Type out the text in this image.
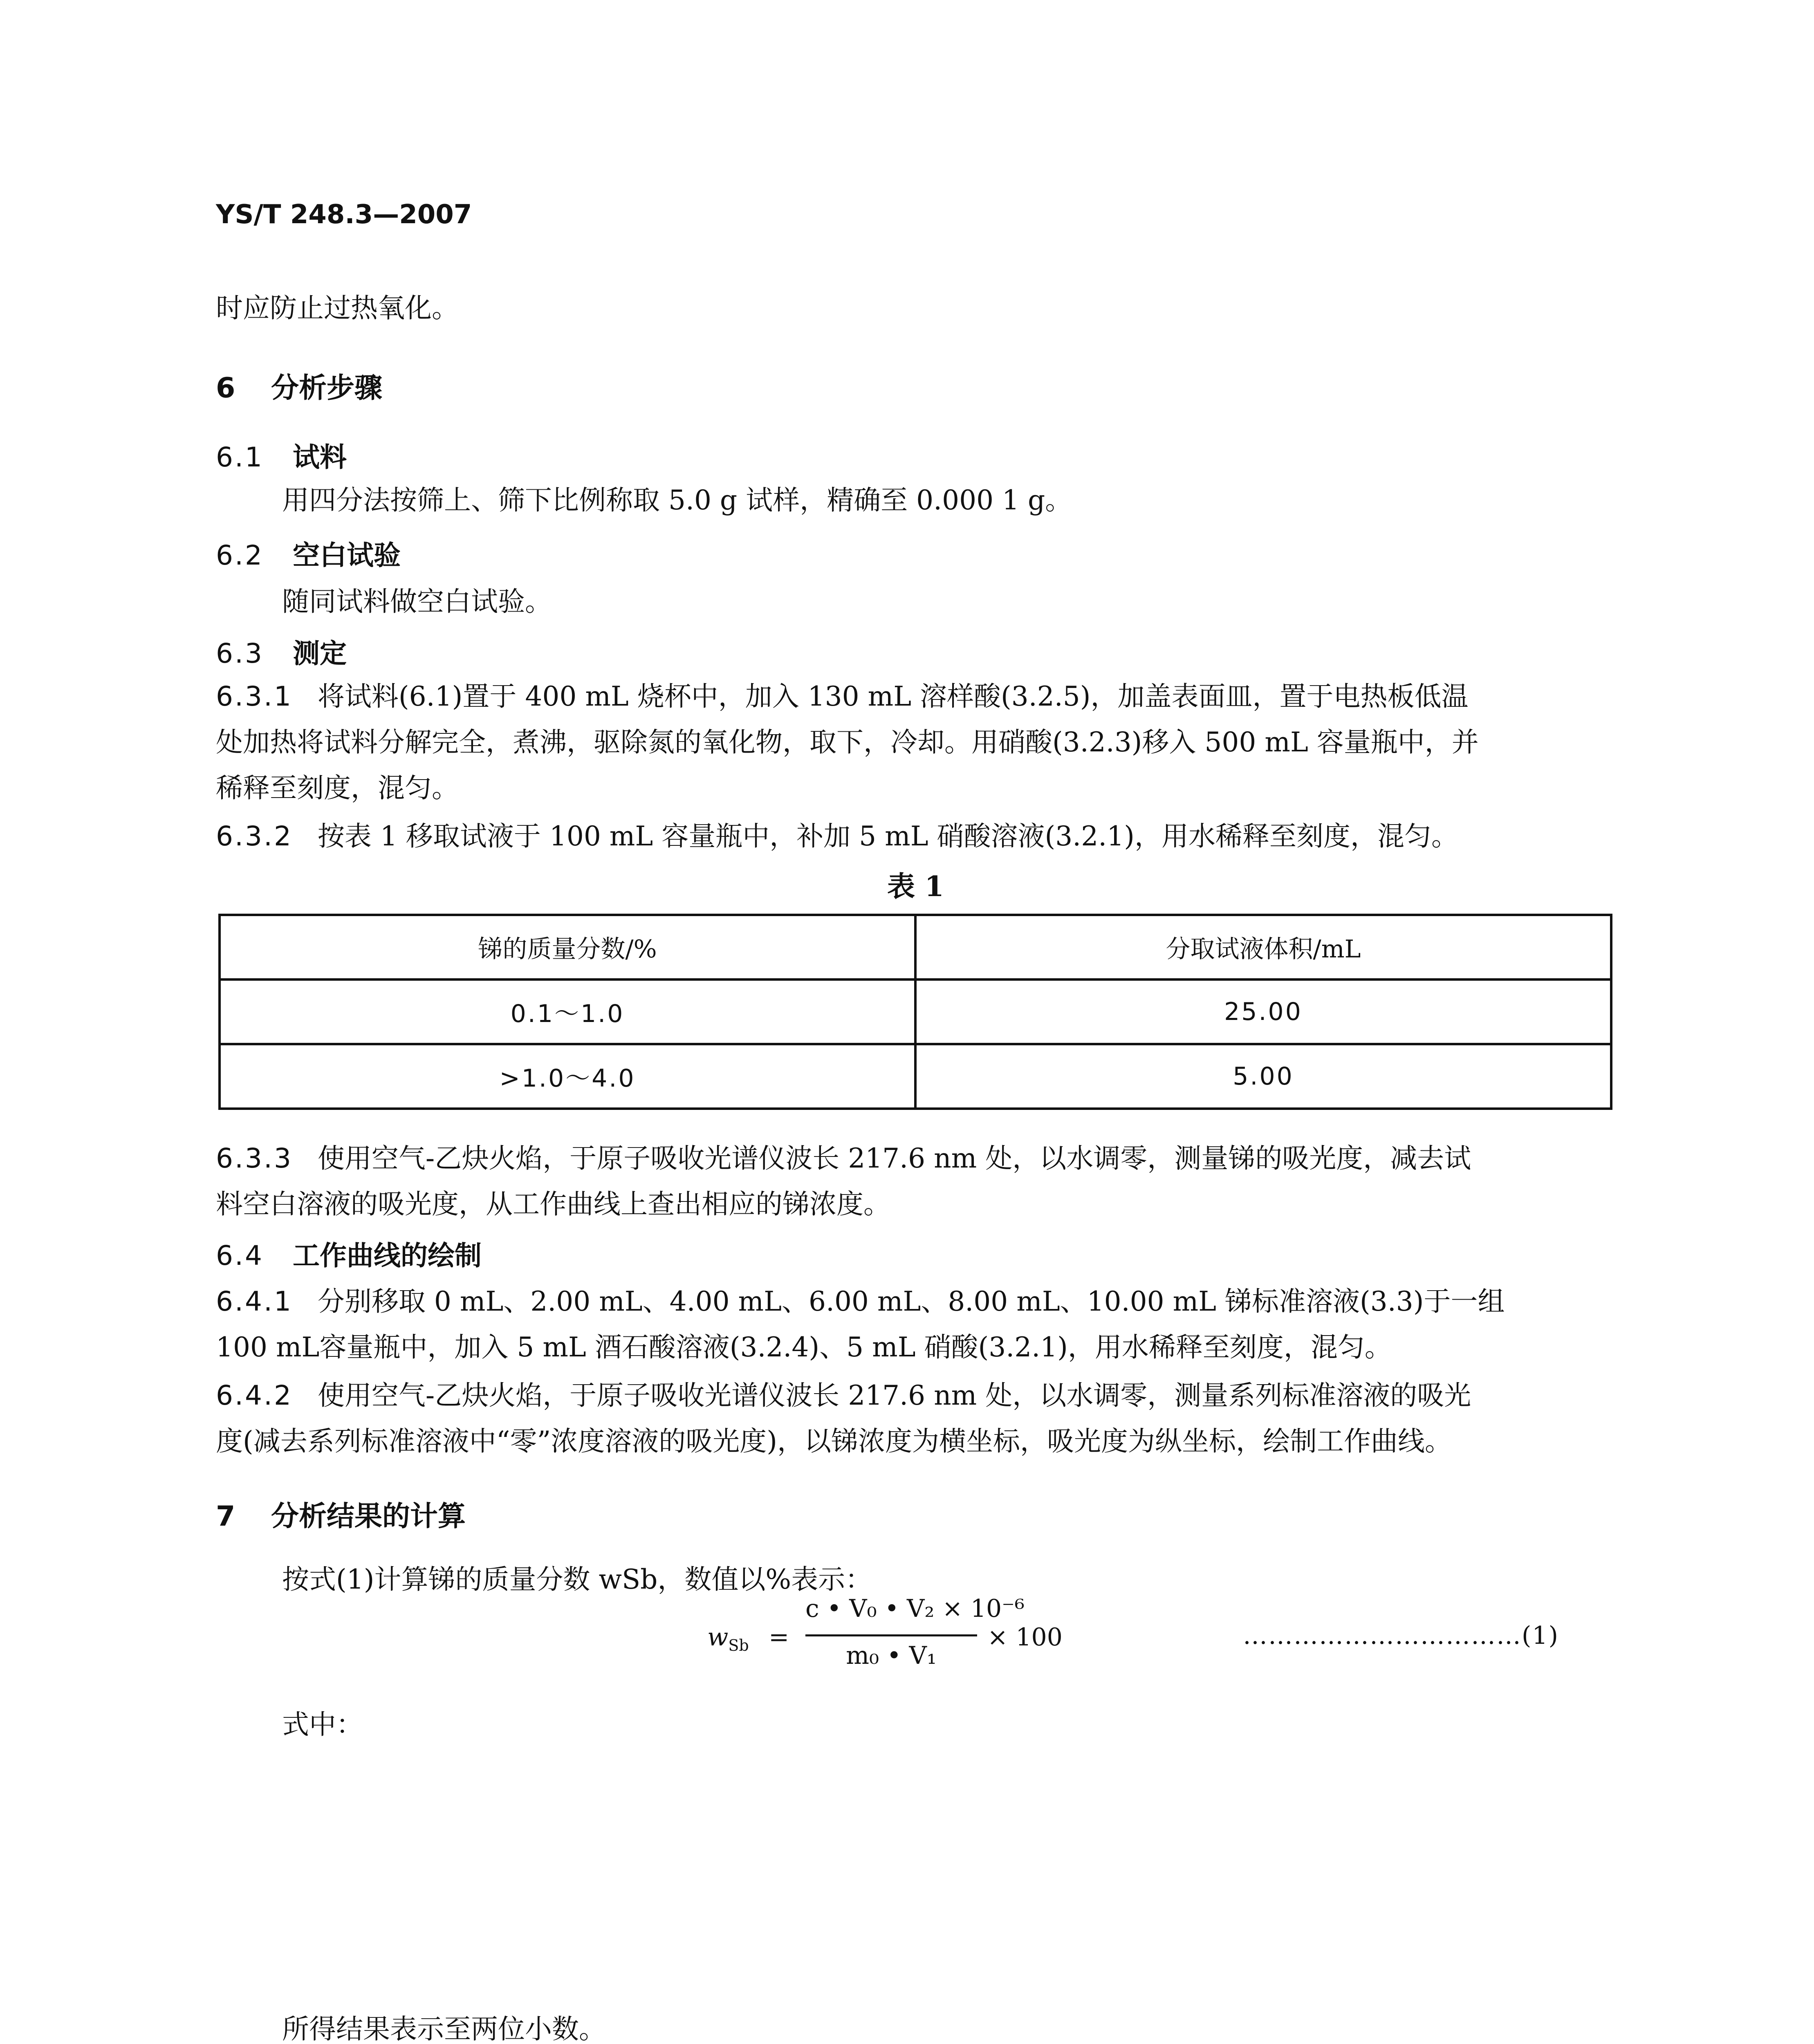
YS/T 248.3—2007
时应防止过热氧化。
6 分析步骤
6.1 试料
用四分法按筛上、筛下比例称取 5.0 g 试样，精确至 0.000 1 g。
6.2 空白试验
随同试料做空白试验。
6.3 测定
6.3.1 将试料(6.1)置于 400 mL 烧杯中，加入 130 mL 溶样酸(3.2.5)，加盖表面皿，置于电热板低温
处加热将试料分解完全，煮沸，驱除氮的氧化物，取下，冷却。用硝酸(3.2.3)移入 500 mL 容量瓶中，并
稀释至刻度，混匀。
6.3.2 按表 1 移取试液于 100 mL 容量瓶中，补加 5 mL 硝酸溶液(3.2.1)，用水稀释至刻度，混匀。
表 1
锑的质量分数/%	分取试液体积/mL
0.1～1.0	25.00
>1.0～4.0	5.00
6.3.3 使用空气-乙炔火焰，于原子吸收光谱仪波长 217.6 nm 处，以水调零，测量锑的吸光度，减去试
料空白溶液的吸光度，从工作曲线上查出相应的锑浓度。
6.4 工作曲线的绘制
6.4.1 分别移取 0 mL、2.00 mL、4.00 mL、6.00 mL、8.00 mL、10.00 mL 锑标准溶液(3.3)于一组
100 mL容量瓶中，加入 5 mL 酒石酸溶液(3.2.4)、5 mL 硝酸(3.2.1)，用水稀释至刻度，混匀。
6.4.2 使用空气-乙炔火焰，于原子吸收光谱仪波长 217.6 nm 处，以水调零，测量系列标准溶液的吸光
度(减去系列标准溶液中“零”浓度溶液的吸光度)，以锑浓度为横坐标，吸光度为纵坐标，绘制工作曲线。
7 分析结果的计算
按式(1)计算锑的质量分数 wSb，数值以%表示：
$w_{Sb}$ =
c • V₀ • V₂ × 10⁻⁶
m₀ • V₁
× 100	……………………………(1)
式中：
所得结果表示至两位小数。
